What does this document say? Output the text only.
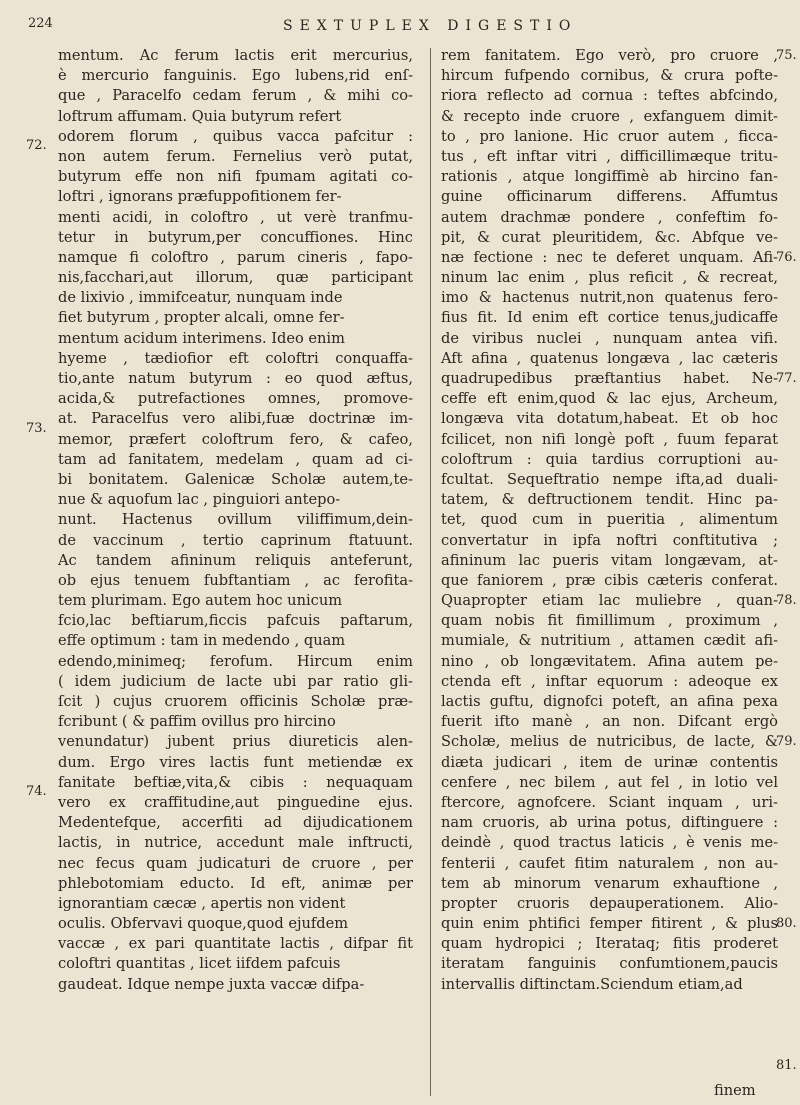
224	SEXTUPLEX DIGESTIO
mentum. Ac ferum lactis erit mercurius,
è mercurio fanguinis. Ego lubens,rid enſ-
que , Paracelfo cedam ferum , & mihi co-
loftrum affumam. Quia butyrum refert
odorem florum , quibus vacca pafcitur :
non autem ferum. Fernelius verò putat,
butyrum effe non nifi fpumam agitati co-
loftri , ignorans præfuppofitionem fer-
menti acidi, in coloftro , ut verè tranfmu-
tetur in butyrum,per concuffiones. Hinc
namque fi coloftro , parum cineris , fapo-
nis,facchari,aut illorum, quæ participant
de lixivio , immifceatur, nunquam inde
fiet butyrum , propter alcali, omne fer-
mentum acidum interimens. Ideo enim
hyeme , tædiofior eft coloftri conquaffa-
tio,ante natum butyrum : eo quod æftus,
acida,& putrefactiones omnes, promove-
at. Paracelfus vero alibi,fuæ doctrinæ im-
memor, præfert coloftrum fero, & cafeo,
tam ad fanitatem, medelam , quam ad ci-
bi bonitatem. Galenicæ Scholæ autem,te-
nue & aquofum lac , pinguiori antepo-
nunt. Hactenus ovillum viliffimum,dein-
de vaccinum , tertio caprinum ftatuunt.
Ac tandem afininum reliquis anteferunt,
ob ejus tenuem fubftantiam , ac ferofita-
tem plurimam. Ego autem hoc unicum
fcio,lac beftiarum,ficcis pafcuis paftarum,
effe optimum : tam in medendo , quam
edendo,minimeq; ferofum. Hircum enim
( idem judicium de lacte ubi par ratio gli-
ſcit ) cujus cruorem officinis Scholæ præ-
fcribunt ( & paffim ovillus pro hircino
venundatur) jubent prius diureticis alen-
dum. Ergo vires lactis funt metiendæ ex
fanitate beftiæ,vita,& cibis : nequaquam
vero ex craffitudine,aut pinguedine ejus.
Medentefque, accerfiti ad dijudicationem
lactis, in nutrice, accedunt male inftructi,
nec fecus quam judicaturi de cruore , per
phlebotomiam educto. Id eft, animæ per
ignorantiam cæcæ , apertis non vident
oculis. Obfervavi quoque,quod ejufdem
vaccæ , ex pari quantitate lactis , difpar fit
coloftri quantitas , licet iifdem pafcuis
gaudeat. Idque nempe juxta vaccæ difpa-
rem fanitatem. Ego verò, pro cruore ,
hircum fufpendo cornibus, & crura pofte-
riora reflecto ad cornua : teftes abfcindo,
& recepto inde cruore , exfanguem dimit-
to , pro lanione. Hic cruor autem , ficca-
tus , eft inftar vitri , difficillimæque tritu-
rationis , atque longiffimè ab hircino fan-
guine officinarum differens. Affumtus
autem drachmæ pondere , confeftim fo-
pit, & curat pleuritidem, &c. Abfque ve-
næ fectione : nec te deferet unquam. Afi-
ninum lac enim , plus reficit , & recreat,
imo & hactenus nutrit,non quatenus fero-
fius fit. Id enim eft cortice tenus,judicaffe
de viribus nuclei , nunquam antea vifi.
Aft afina , quatenus longæva , lac cæteris
quadrupedibus præftantius habet. Ne-
ceffe eft enim,quod & lac ejus, Archeum,
longæva vita dotatum,habeat. Et ob hoc
fcilicet, non nifi longè poft , fuum feparat
coloftrum : quia tardius corruptioni au-
fcultat. Sequeftratio nempe ifta,ad duali-
tatem, & deftructionem tendit. Hinc pa-
tet, quod cum in pueritia , alimentum
convertatur in ipfa noftri conftitutiva ;
afininum lac pueris vitam longævam, at-
que faniorem , præ cibis cæteris conferat.
Quapropter etiam lac muliebre , quan-
quam nobis fit fimillimum , proximum ,
mumiale, & nutritium , attamen cædit afi-
nino , ob longævitatem. Afina autem pe-
ctenda eft , inftar equorum : adeoque ex
lactis guftu, dignofci poteft, an afina pexa
fuerit ifto manè , an non. Difcant ergò
Scholæ, melius de nutricibus, de lacte, &
diæta judicari , item de urinæ contentis
cenfere , nec bilem , aut fel , in lotio vel
ftercore, agnofcere. Sciant inquam , uri-
nam cruoris, ab urina potus, diftinguere :
deindè , quod tractus laticis , è venis me-
fenterii , caufet fitim naturalem , non au-
tem ab minorum venarum exhauftione ,
propter cruoris depauperationem. Alio-
quin enim phtifici femper fitirent , & plus
quam hydropici ; Iterataq; fitis proderet
iteratam fanguinis confumtionem,paucis
intervallis diftinctam.Sciendum etiam,ad
72.
73.
74.
75.
76.
77.
78.
79.
80.
81.
finem
